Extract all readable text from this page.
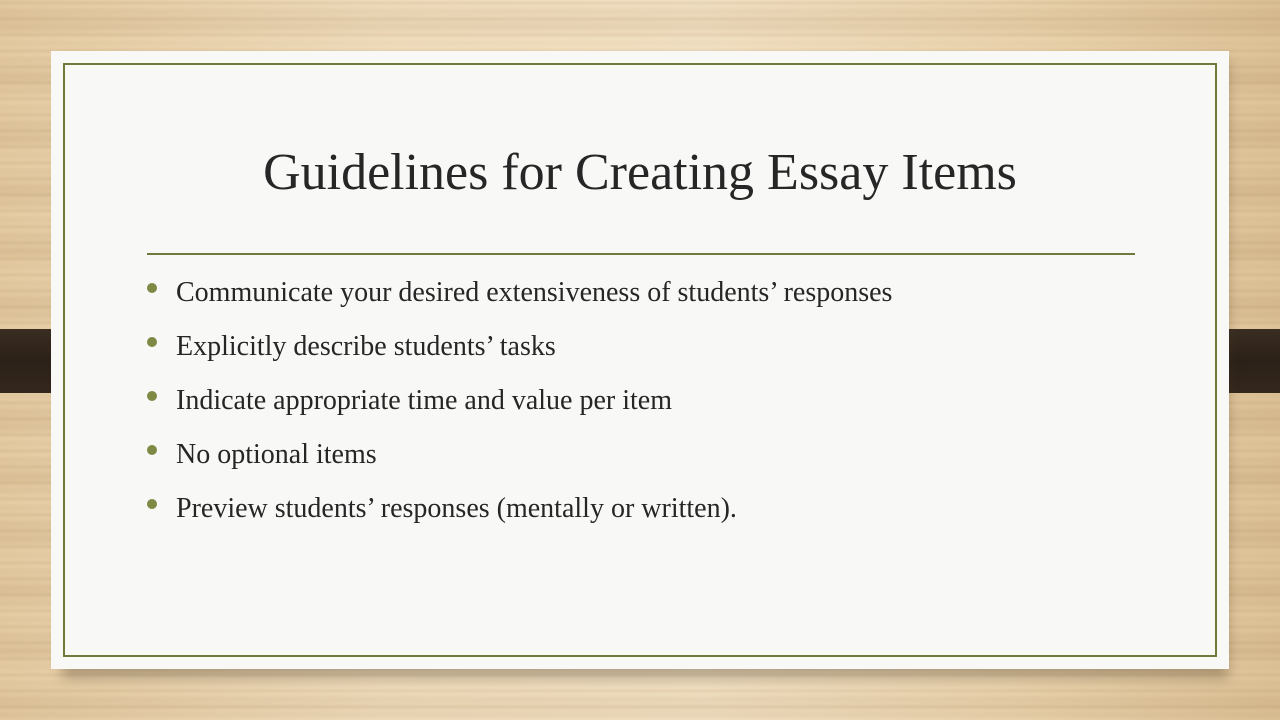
Guidelines for Creating Essay Items
Communicate your desired extensiveness of students’ responses
Explicitly describe students’ tasks
Indicate appropriate time and value per item
No optional items
Preview students’ responses (mentally or written).
